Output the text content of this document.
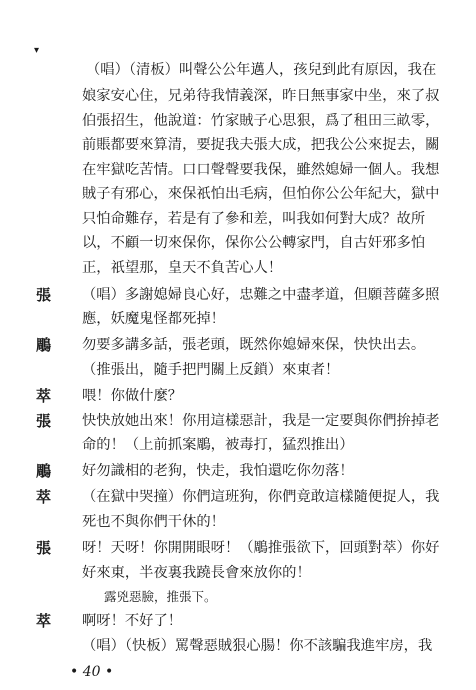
▾
（唱）（清板）叫聲公公年邁人，孩兒到此有原因，我在
娘家安心住，兄弟待我情義深，昨日無事家中坐，來了叔
伯張招生，他說道：竹家賊子心思狠，爲了租田三畝零，
前賬都要來算清，要捉我夫張大成，把我公公來捉去，關
在牢獄吃苦情。口口聲聲要我保，雖然媳婦一個人。我想
賊子有邪心，來保祇怕出毛病，但怕你公公年紀大，獄中
只怕命難存，若是有了參和差，叫我如何對大成？故所
以，不顧一切來保你，保你公公轉家門，自古奸邪多怕
正，祇望那，皇天不負苦心人！
張 （唱）多謝媳婦良心好，忠難之中盡孝道，但願菩薩多照
應，妖魔鬼怪都死掉！
鵰 勿要多講多話，張老頭，既然你媳婦來保，快快出去。
（推張出，隨手把門關上反鎖）來東者！
萃 喂！你做什麼？
張 快快放她出來！你用這樣惡計，我是一定要與你們拚掉老
命的！（上前抓案鵰，被毒打，猛烈推出）
鵰 好勿識相的老狗，快走，我怕還吃你勿落！
萃 （在獄中哭撞）你們這班狗，你們竟敢這樣隨便捉人，我
死也不與你們干休的！
張 呀！天呀！你開開眼呀！（鵰推張欲下，回頭對萃）你好
好來東，半夜裏我蹺長會來放你的！
露兇惡臉，推張下。
萃 啊呀！不好了！
（唱）（快板）罵聲惡賊狠心腸！你不該騙我進牢房，我
• 40 •
